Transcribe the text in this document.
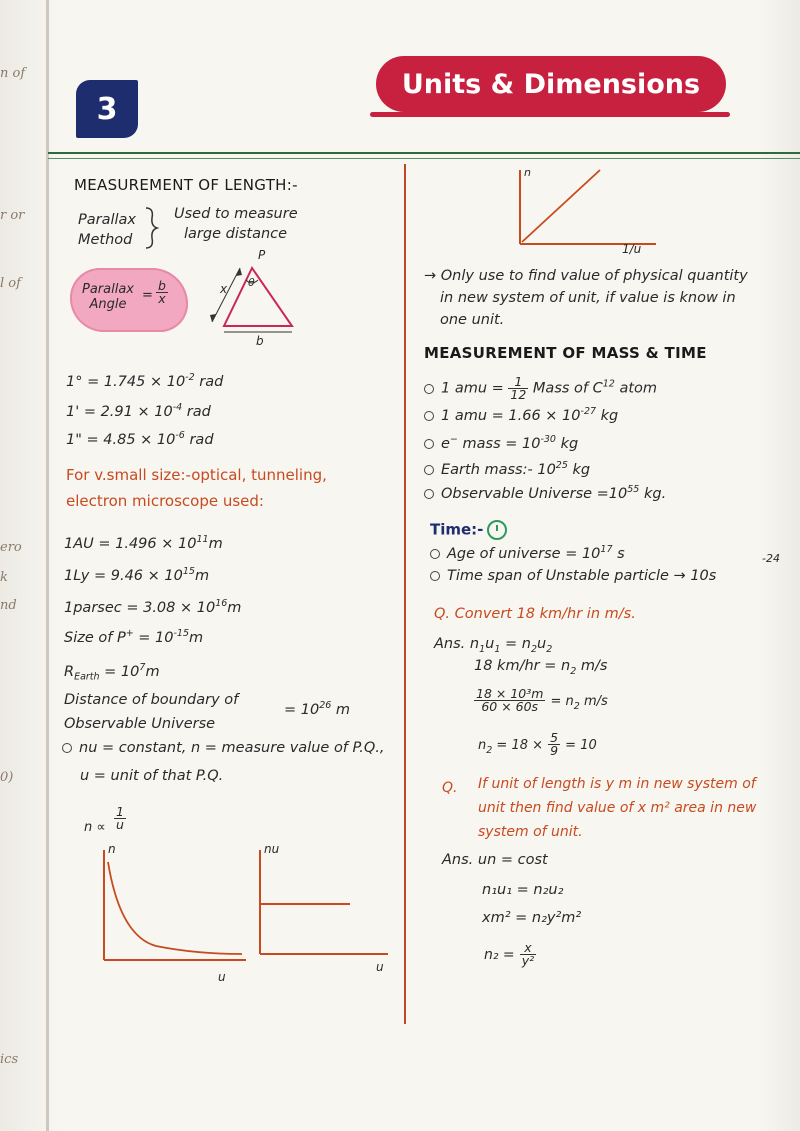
n of
r or
l of
ero
k
nd
0)
ics
3
Units & Dimensions
MEASUREMENT OF LENGTH:-
Parallax
Method
Used to measure
large distance
Parallax
Angle
= $\frac{b}{x}$
P
θ
x
b
$1^\circ = 1.745 \times 10^{-2}$ rad
$1' = 2.91 \times 10^{-4}$ rad
1" = $4.85 \times 10^{-6}$ rad
For v.small size:-optical, tunneling,
electron microscope used:
$1AU = 1.496 \times 10^{11}m$
$1Ly = 9.46 \times 10^{15}m$
$1parsec = 3.08 \times 10^{16}m$
Size of $P^+ = 10^{-15}m$
$R_{Earth} = 10^7m$
Distance of boundary of
Observable Universe
= $10^{26}$ m
nu = constant, n = measure value of P.Q.,
u = unit of that P.Q.
$n \propto \frac{1}{u}$
n
u
nu
u
n
1/u
→ Only use to find value of physical quantity
in new system of unit, if value is know in
one unit.
MEASUREMENT OF MASS & TIME
1 amu = $\frac{1}{12}$ Mass of $C^{12}$ atom
1 amu = $1.66 \times 10^{-27}$ kg
e− mass = $10^{-30}$ kg
Earth mass:- $10^{25}$ kg
Observable Universe $=10^{55}$ kg.
Time:-
Age of universe = $10^{17}$ s
Time span of Unstable particle → 10s
-24
Q. Convert 18 km/hr in m/s.
Ans. $n_1u_1 = n_2u_2$
18 $km/hr = n_2$ m/s
$\frac{\text{18 × 10³m}}{60 \times 60s} = n_2$ m/s
$n_2 = 18 \times \frac{5}{9} = 10$
Q. If unit of length is y m in new system of
unit then find value of x m² area in new
system of unit.
Ans. un = cost
n₁u₁ = n₂u₂
xm² = n₂y²m²
$n_2 = \frac{x}{\text{y²}}$
